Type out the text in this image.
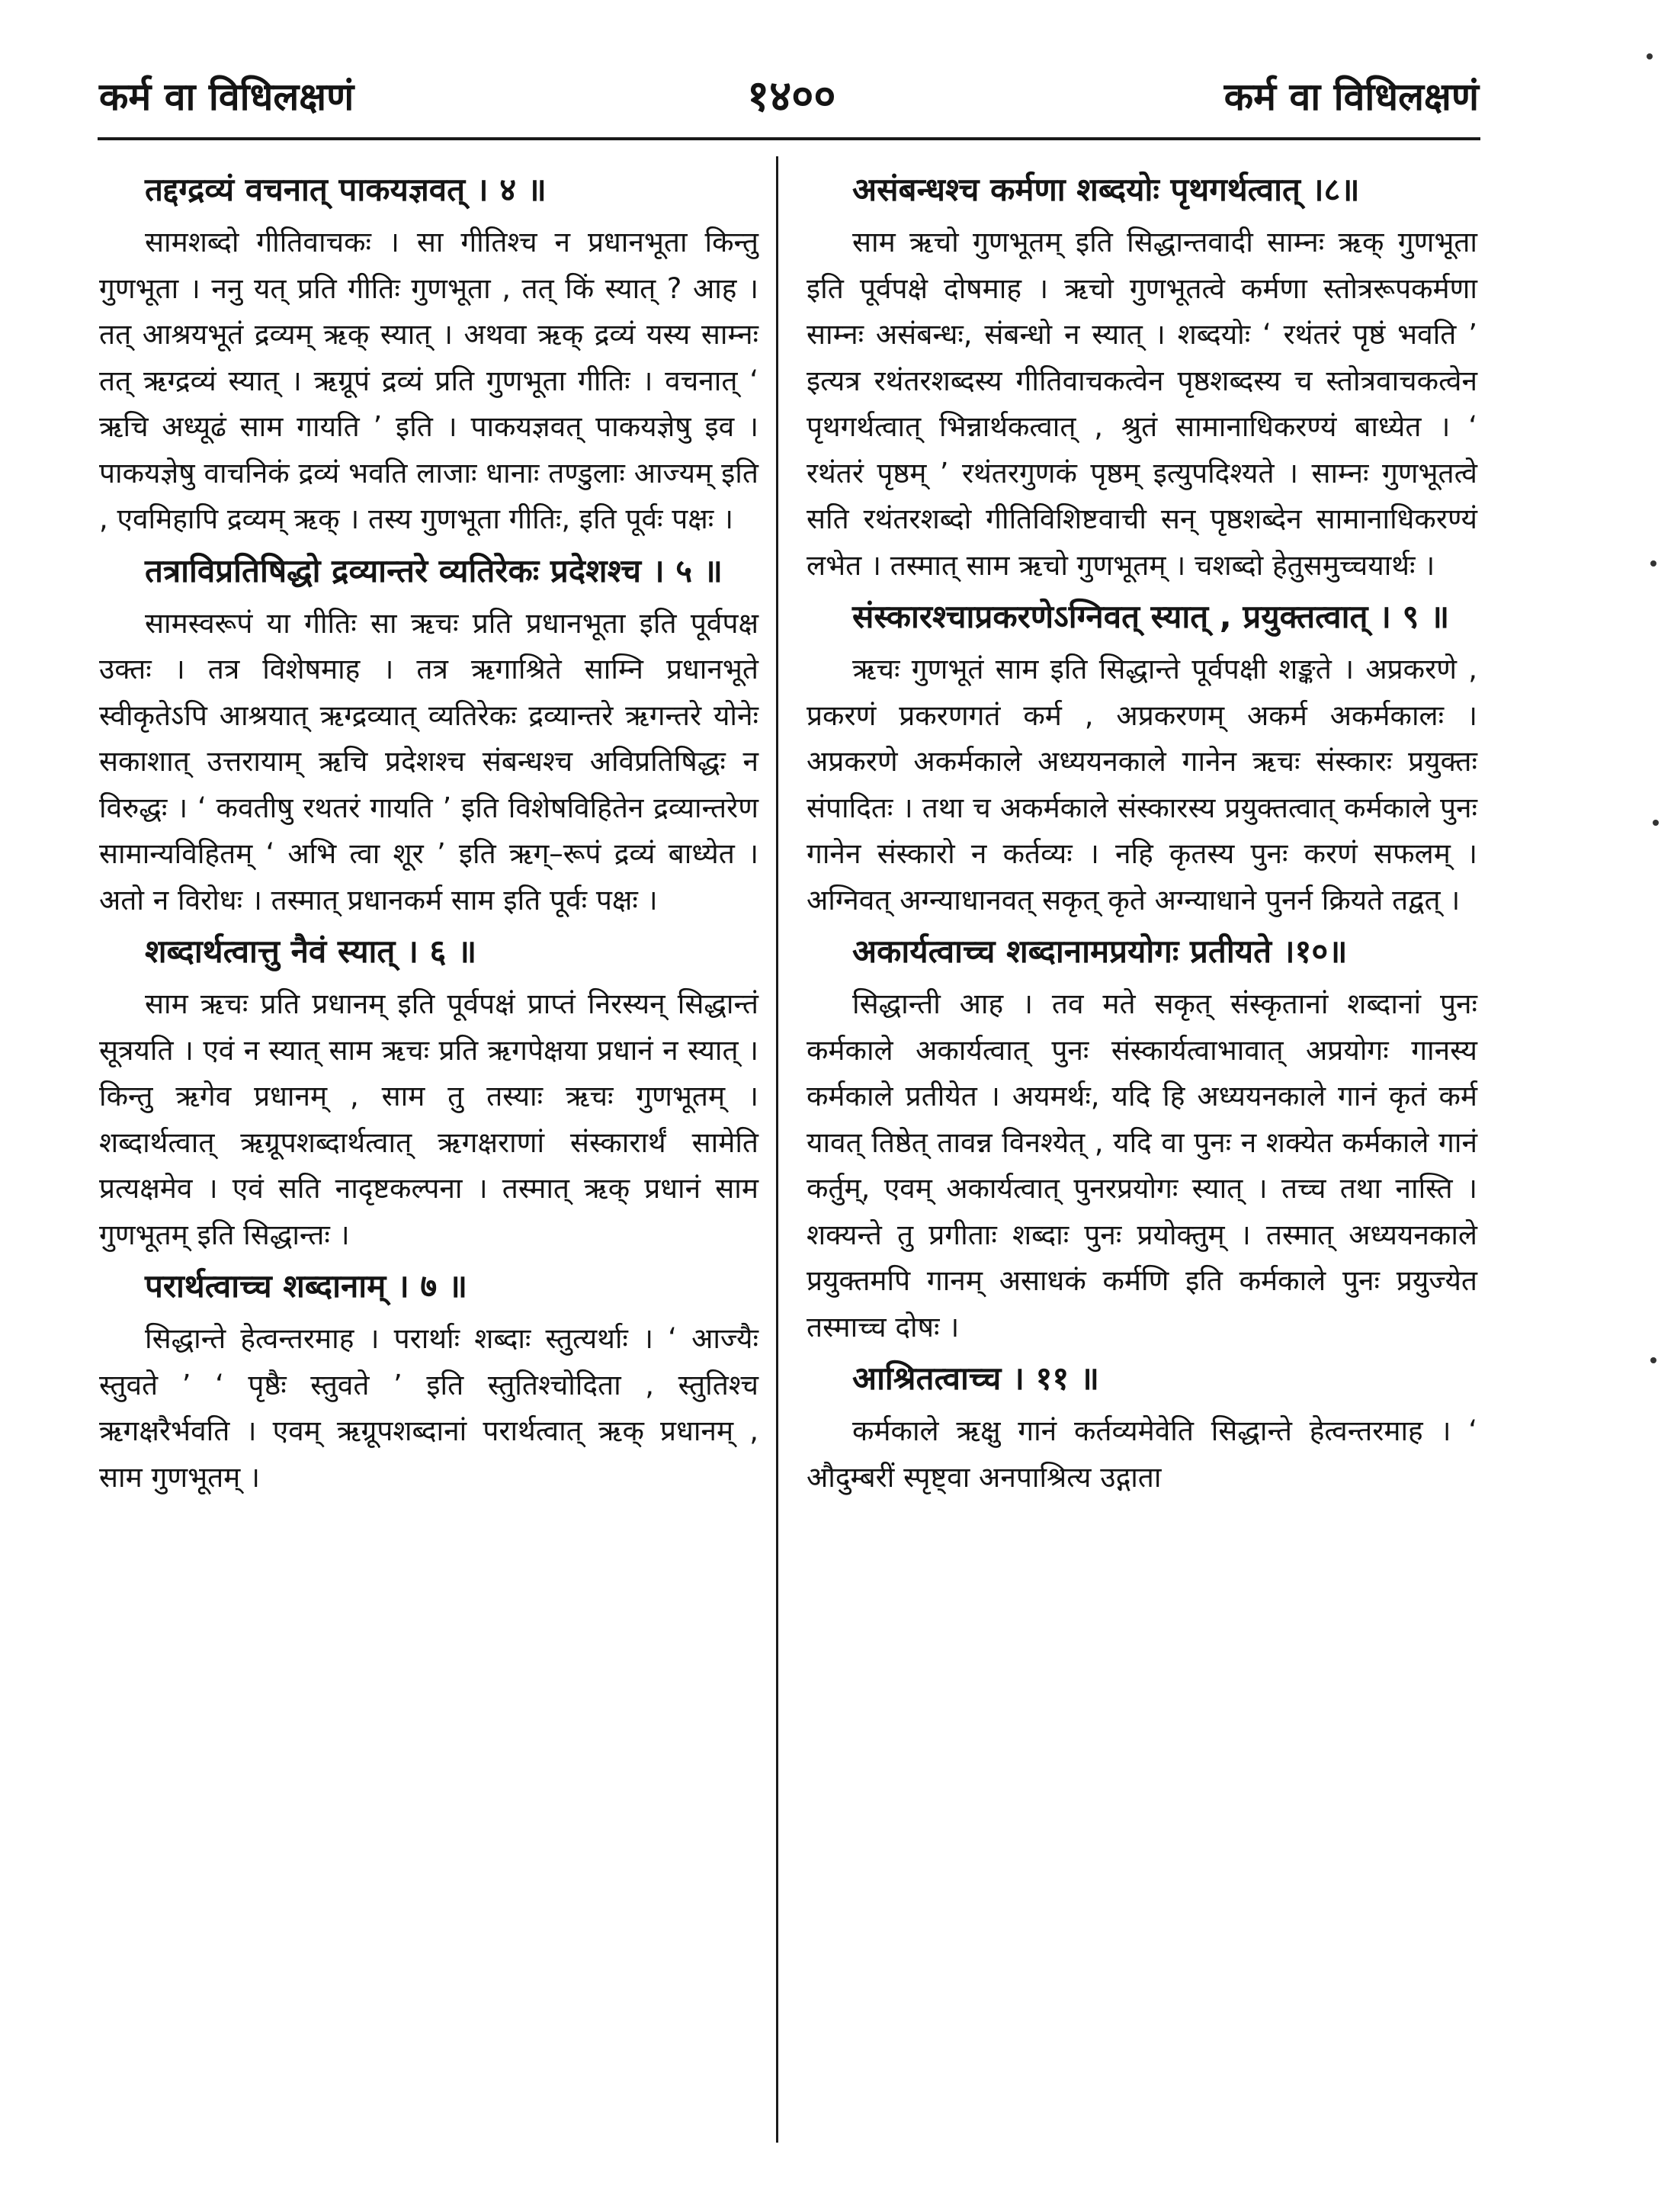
कर्म वा विधिलक्षणं	१४००	कर्म वा विधिलक्षणं
तद्दग्द्रव्यं वचनात् पाकयज्ञवत् । ४ ॥

सामशब्दो गीतिवाचकः । सा गीतिश्च न प्रधानभूता किन्तु गुणभूता । ननु यत् प्रति गीतिः गुणभूता , तत् किं स्यात् ? आह । तत् आश्रयभूतं द्रव्यम् ऋक् स्यात् । अथवा ऋक् द्रव्यं यस्य साम्नः तत् ऋग्द्रव्यं स्यात् । ऋग्रूपं द्रव्यं प्रति गुणभूता गीतिः । वचनात् ‘ ऋचि अध्यूढं साम गायति ’ इति । पाकयज्ञवत् पाकयज्ञेषु इव । पाकयज्ञेषु वाचनिकं द्रव्यं भवति लाजाः धानाः तण्डुलाः आज्यम् इति , एवमिहापि द्रव्यम् ऋक् । तस्य गुणभूता गीतिः, इति पूर्वः पक्षः ।

तत्राविप्रतिषिद्धो द्रव्यान्तरे व्यतिरेकः प्रदेशश्च । ५ ॥

सामस्वरूपं या गीतिः सा ऋचः प्रति प्रधानभूता इति पूर्वपक्ष उक्तः । तत्र विशेषमाह । तत्र ऋगाश्रिते साम्नि प्रधानभूते स्वीकृतेऽपि आश्रयात् ऋग्द्रव्यात् व्यतिरेकः द्रव्यान्तरे ऋगन्तरे योनेः सकाशात् उत्तरायाम् ऋचि प्रदेशश्च संबन्धश्च अविप्रतिषिद्धः न विरुद्धः । ‘ कवतीषु रथतरं गायति ’ इति विशेषविहितेन द्रव्यान्तरेण सामान्यविहितम् ‘ अभि त्वा शूर ’ इति ऋग्‌–रूपं द्रव्यं बाध्येत । अतो न विरोधः । तस्मात् प्रधानकर्म साम इति पूर्वः पक्षः ।

शब्दार्थत्वात्तु नैवं स्यात् । ६ ॥

साम ऋचः प्रति प्रधानम् इति पूर्वपक्षं प्राप्तं निरस्यन् सिद्धान्तं सूत्रयति । एवं न स्यात् साम ऋचः प्रति ऋगपेक्षया प्रधानं न स्यात् । किन्तु ऋगेव प्रधानम् , साम तु तस्याः ऋचः गुणभूतम् । शब्दार्थत्वात् ऋग्रूपशब्दार्थत्वात् ऋगक्षराणां संस्कारार्थं सामेति प्रत्यक्षमेव । एवं सति नादृष्टकल्पना । तस्मात् ऋक् प्रधानं साम गुणभूतम् इति सिद्धान्तः ।

परार्थत्वाच्च शब्दानाम् । ७ ॥

सिद्धान्ते हेत्वन्तरमाह । परार्थाः शब्दाः स्तुत्यर्थाः । ‘ आज्यैः स्तुवते ’ ‘ पृष्ठैः स्तुवते ’ इति स्तुतिश्चोदिता , स्तुतिश्च ऋगक्षरैर्भवति । एवम् ऋग्रूपशब्दानां परार्थत्वात् ऋक् प्रधानम् , साम गुणभूतम् ।

असंबन्धश्च कर्मणा शब्दयोः पृथगर्थत्वात् ।८॥

साम ऋचो गुणभूतम् इति सिद्धान्तवादी साम्नः ऋक् गुणभूता इति पूर्वपक्षे दोषमाह । ऋचो गुणभूतत्वे कर्मणा स्तोत्ररूपकर्मणा साम्नः असंबन्धः, संबन्धो न स्यात् । शब्दयोः ‘ रथंतरं पृष्ठं भवति ’ इत्यत्र रथंतरशब्दस्य गीतिवाचकत्वेन पृष्ठशब्दस्य च स्तोत्रवाचकत्वेन पृथगर्थत्वात् भिन्नार्थकत्वात् , श्रुतं सामानाधिकरण्यं बाध्येत । ‘ रथंतरं पृष्ठम् ’ रथंतरगुणकं पृष्ठम् इत्युपदिश्यते । साम्नः गुणभूतत्वे सति रथंतरशब्दो गीतिविशिष्टवाची सन् पृष्ठशब्देन सामानाधिकरण्यं लभेत । तस्मात् साम ऋचो गुणभूतम् । चशब्दो हेतुसमुच्चयार्थः ।

संस्कारश्चाप्रकरणेऽग्निवत् स्यात् , प्रयुक्तत्वात् । ९ ॥

ऋचः गुणभूतं साम इति सिद्धान्ते पूर्वपक्षी शङ्कते । अप्रकरणे , प्रकरणं प्रकरणगतं कर्म , अप्रकरणम् अकर्म अकर्मकालः । अप्रकरणे अकर्मकाले अध्ययनकाले गानेन ऋचः संस्कारः प्रयुक्तः संपादितः । तथा च अकर्मकाले संस्कारस्य प्रयुक्तत्वात् कर्मकाले पुनः गानेन संस्कारो न कर्तव्यः । नहि कृतस्य पुनः करणं सफलम् । अग्निवत् अग्न्याधानवत् सकृत् कृते अग्न्याधाने पुनर्न क्रियते तद्वत् ।

अकार्यत्वाच्च शब्दानामप्रयोगः प्रतीयते ।१०॥

सिद्धान्ती आह । तव मते सकृत् संस्कृतानां शब्दानां पुनः कर्मकाले अकार्यत्वात् पुनः संस्कार्यत्वाभावात् अप्रयोगः गानस्य कर्मकाले प्रतीयेत । अयमर्थः, यदि हि अध्ययनकाले गानं कृतं कर्म यावत् तिष्ठेत् तावन्न विनश्येत् , यदि वा पुनः न शक्येत कर्मकाले गानं कर्तुम्, एवम् अकार्यत्वात् पुनरप्रयोगः स्यात् । तच्च तथा नास्ति । शक्यन्ते तु प्रगीताः शब्दाः पुनः प्रयोक्तुम् । तस्मात् अध्ययनकाले प्रयुक्तमपि गानम् असाधकं कर्मणि इति कर्मकाले पुनः प्रयुज्येत तस्माच्च दोषः ।

आश्रितत्वाच्च । ११ ॥

कर्मकाले ऋक्षु गानं कर्तव्यमेवेति सिद्धान्ते हेत्वन्तरमाह । ‘ औदुम्बरीं स्पृष्ट्वा अनपाश्रित्य उद्गाता
